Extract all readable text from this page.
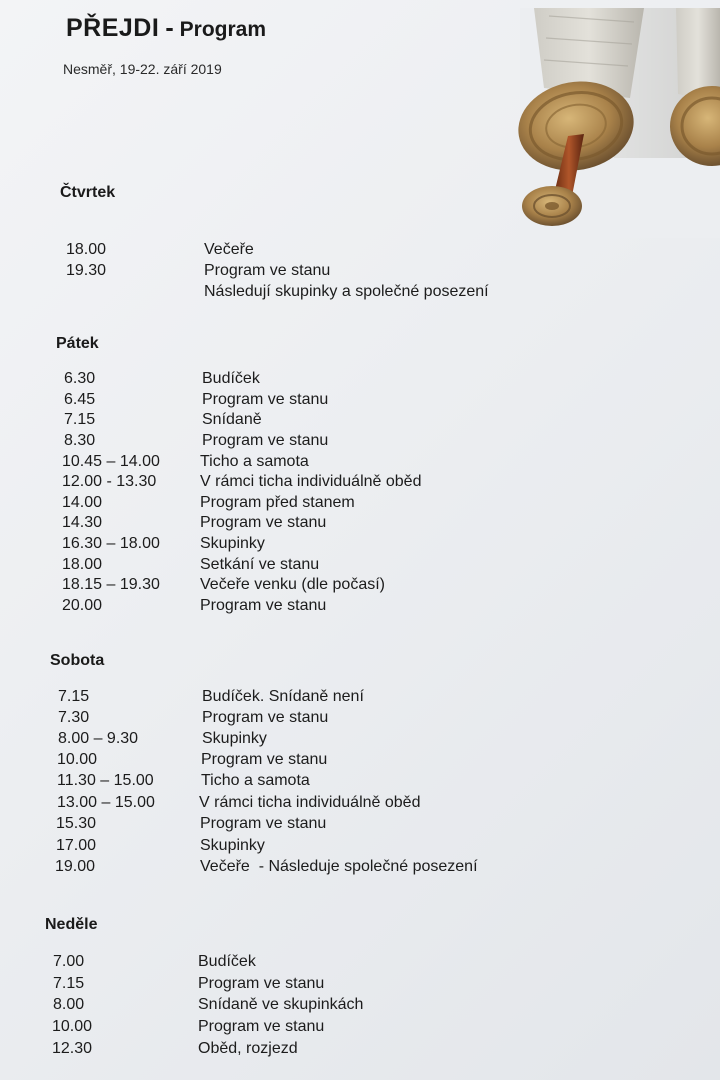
PŘEJDI - Program
Nesměř, 19-22. září 2019
Čtvrtek
18.00	Večeře
19.30	Program ve stanu
Následují skupinky a společné posezení
Pátek
6.30	Budíček
6.45	Program ve stanu
7.15	Snídaně
8.30	Program ve stanu
10.45 – 14.00	Ticho a samota
12.00 - 13.30	V rámci ticha individuálně oběd
14.00	Program před stanem
14.30	Program ve stanu
16.30 – 18.00	Skupinky
18.00	Setkání ve stanu
18.15 – 19.30	Večeře venku (dle počasí)
20.00	Program ve stanu
Sobota
7.15	Budíček. Snídaně není
7.30	Program ve stanu
8.00 – 9.30	Skupinky
10.00	Program ve stanu
11.30 – 15.00	Ticho a samota
13.00 – 15.00	V rámci ticha individuálně oběd
15.30	Program ve stanu
17.00	Skupinky
19.00	Večeře  - Následuje společné posezení
Neděle
7.00	Budíček
7.15	Program ve stanu
8.00	Snídaně ve skupinkách
10.00	Program ve stanu
12.30	Oběd, rozjezd
